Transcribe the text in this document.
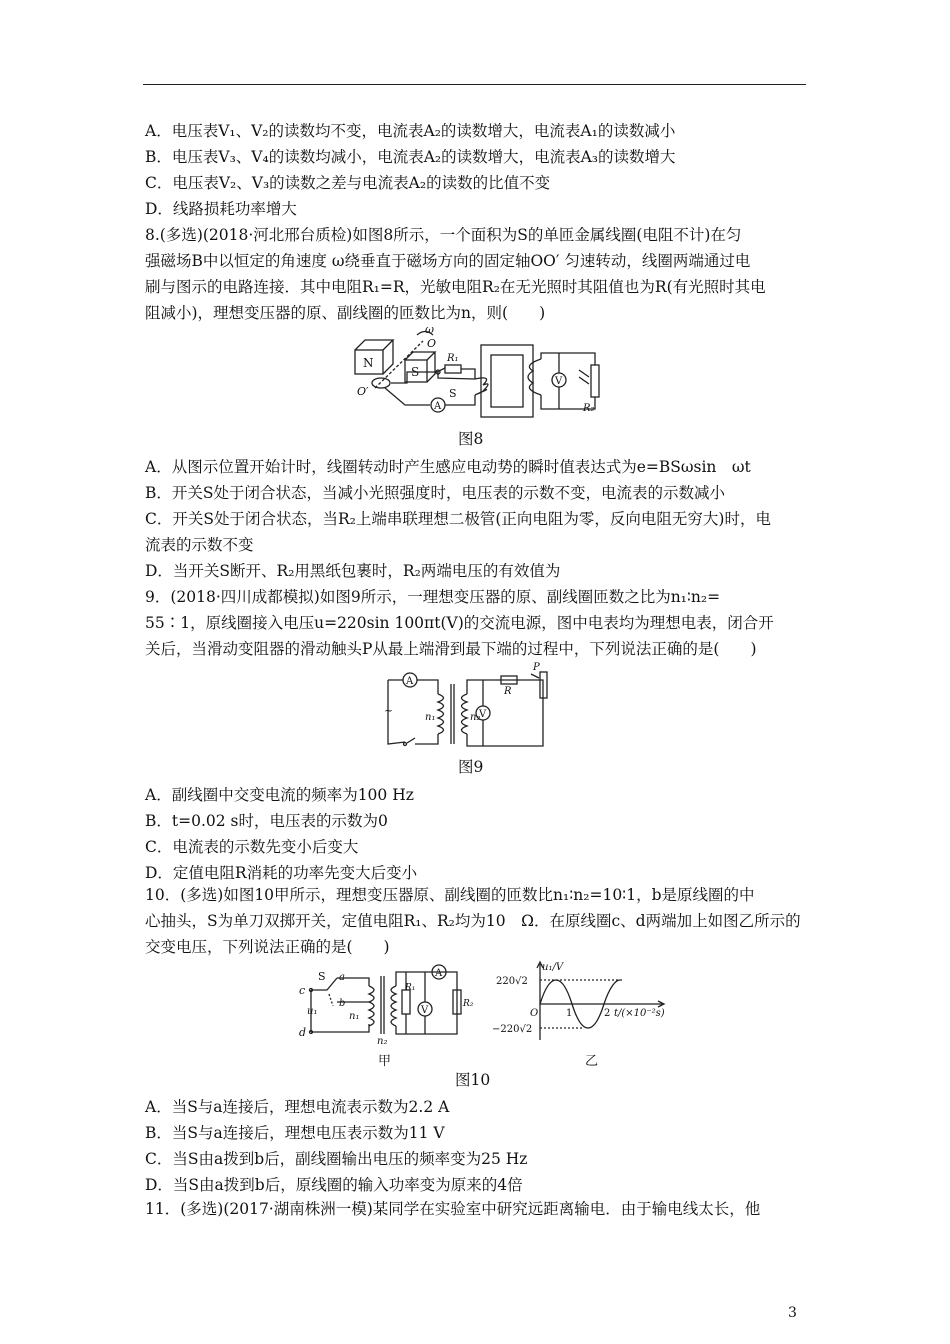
A．电压表V₁、V₂的读数均不变，电流表A₂的读数增大，电流表A₁的读数减小
B．电压表V₃、V₄的读数均减小，电流表A₂的读数增大，电流表A₃的读数增大
C．电压表V₂、V₃的读数之差与电流表A₂的读数的比值不变
D．线路损耗功率增大
8.(多选)(2018·河北邢台质检)如图8所示，一个面积为S的单匝金属线圈(电阻不计)在匀
强磁场B中以恒定的角速度 ω绕垂直于磁场方向的固定轴OO′ 匀速转动，线圈两端通过电
刷与图示的电路连接．其中电阻R₁=R，光敏电阻R₂在无光照时其阻值也为R(有光照时其电
阻减小)，理想变压器的原、副线圈的匝数比为n，则(　　)
N
S
ω
O
O′
R₁
S
A
V
R₂
图8
A．从图示位置开始计时，线圈转动时产生感应电动势的瞬时值表达式为e=BSωsin　ωt
B．开关S处于闭合状态，当减小光照强度时，电压表的示数不变，电流表的示数减小
C．开关S处于闭合状态，当R₂上端串联理想二极管(正向电阻为零，反向电阻无穷大)时，电
流表的示数不变
D．当开关S断开、R₂用黑纸包裹时，R₂两端电压的有效值为
9．(2018·四川成都模拟)如图9所示，一理想变压器的原、副线圈匝数之比为n₁∶n₂=
55∶1，原线圈接入电压u=220sin 100πt(V)的交流电源，图中电表均为理想电表，闭合开
关后，当滑动变阻器的滑动触头P从最上端滑到最下端的过程中，下列说法正确的是(　　)
A
~
n₁	n₂
V
R
P
图9
A．副线圈中交变电流的频率为100 Hz
B．t=0.02 s时，电压表的示数为0
C．电流表的示数先变小后变大
D．定值电阻R消耗的功率先变大后变小
10．(多选)如图10甲所示，理想变压器原、副线圈的匝数比n₁∶n₂=10∶1，b是原线圈的中
心抽头，S为单刀双掷开关，定值电阻R₁、R₂均为10　Ω．在原线圈c、d两端加上如图乙所示的
交变电压，下列说法正确的是(　　)
c
d
u₁
S a
b
n₁
n₂
R₁
V
A
R₂
u₁/V
220√2
−220√2
O	1	2 t/(×10⁻²s)
甲	乙
图10
A．当S与a连接后，理想电流表示数为2.2 A
B．当S与a连接后，理想电压表示数为11 V
C．当S由a拨到b后，副线圈输出电压的频率变为25 Hz
D．当S由a拨到b后，原线圈的输入功率变为原来的4倍
11．(多选)(2017·湖南株洲一模)某同学在实验室中研究远距离输电．由于输电线太长，他
3
